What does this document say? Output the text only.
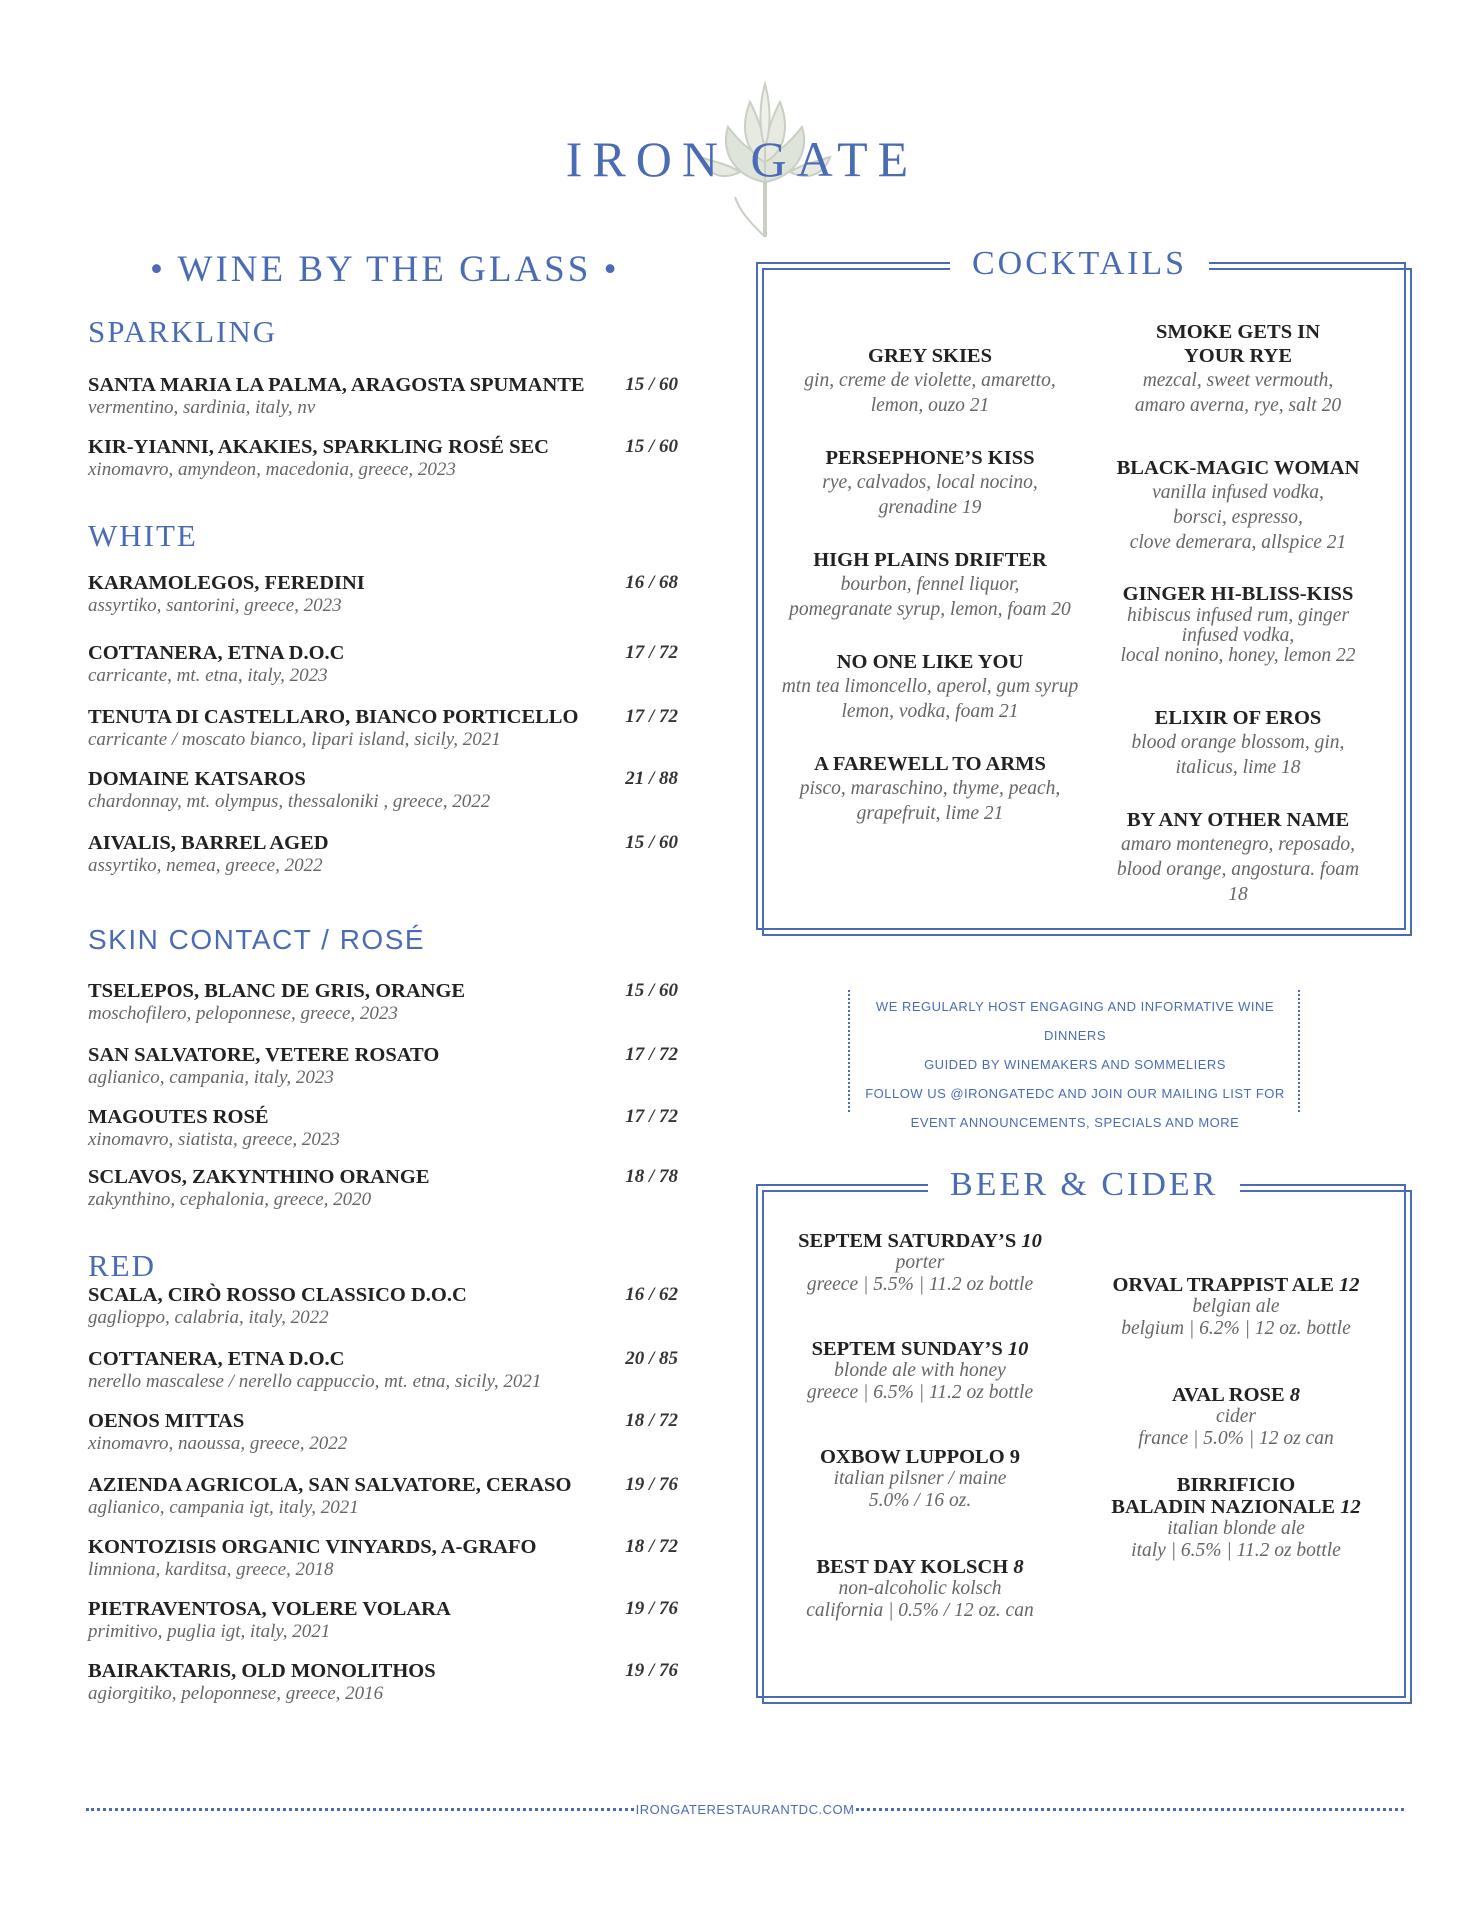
IRON GATE
• WINE BY THE GLASS •
SPARKLING
SANTA MARIA LA PALMA, ARAGOSTA SPUMANTE
vermentino, sardinia, italy, nv
15 / 60
KIR-YIANNI, AKAKIES, SPARKLING ROSÉ SEC
xinomavro, amyndeon, macedonia, greece, 2023
15 / 60
WHITE
KARAMOLEGOS, FEREDINI
assyrtiko, santorini, greece, 2023
16 / 68
COTTANERA, ETNA D.O.C
carricante, mt. etna, italy, 2023
17 / 72
TENUTA DI CASTELLARO, BIANCO PORTICELLO
carricante / moscato bianco, lipari island, sicily, 2021
17 / 72
DOMAINE KATSAROS
chardonnay, mt. olympus, thessaloniki , greece, 2022
21 / 88
AIVALIS, BARREL AGED
assyrtiko, nemea, greece, 2022
15 / 60
SKIN CONTACT / ROSÉ
TSELEPOS, BLANC DE GRIS, ORANGE
moschofilero, peloponnese, greece, 2023
15 / 60
SAN SALVATORE, VETERE ROSATO
aglianico, campania, italy, 2023
17 / 72
MAGOUTES ROSÉ
xinomavro, siatista, greece, 2023
17 / 72
SCLAVOS, ZAKYNTHINO ORANGE
zakynthino, cephalonia, greece, 2020
18 / 78
RED
SCALA, CIRÒ ROSSO CLASSICO D.O.C
gaglioppo, calabria, italy, 2022
16 / 62
COTTANERA, ETNA D.O.C
nerello mascalese / nerello cappuccio, mt. etna, sicily, 2021
20 / 85
OENOS MITTAS
xinomavro, naoussa, greece, 2022
18 / 72
AZIENDA AGRICOLA, SAN SALVATORE, CERASO
aglianico, campania igt, italy, 2021
19 / 76
KONTOZISIS ORGANIC VINYARDS, A-GRAFO
limniona, karditsa, greece, 2018
18 / 72
PIETRAVENTOSA, VOLERE VOLARA
primitivo, puglia igt, italy, 2021
19 / 76
BAIRAKTARIS, OLD MONOLITHOS
agiorgitiko, peloponnese, greece, 2016
19 / 76
COCKTAILS
GREY SKIES
gin, creme de violette, amaretto,
lemon, ouzo 21
PERSEPHONE’S KISS
rye, calvados, local nocino,
grenadine 19
HIGH PLAINS DRIFTER
bourbon, fennel liquor,
pomegranate syrup, lemon, foam 20
NO ONE LIKE YOU
mtn tea limoncello, aperol, gum syrup
lemon, vodka, foam 21
A FAREWELL TO ARMS
pisco, maraschino, thyme, peach,
grapefruit, lime 21
SMOKE GETS IN
YOUR RYE
mezcal, sweet vermouth,
amaro averna, rye, salt 20
BLACK-MAGIC WOMAN
vanilla infused vodka,
borsci, espresso,
clove demerara, allspice 21
GINGER HI-BLISS-KISS
hibiscus infused rum, ginger
infused vodka,
local nonino, honey, lemon 22
ELIXIR OF EROS
blood orange blossom, gin,
italicus, lime 18
BY ANY OTHER NAME
amaro montenegro, reposado,
blood orange, angostura. foam
18
WE REGULARLY HOST ENGAGING AND INFORMATIVE WINE DINNERS
GUIDED BY WINEMAKERS AND SOMMELIERS
FOLLOW US @IRONGATEDC AND JOIN OUR MAILING LIST FOR
EVENT ANNOUNCEMENTS, SPECIALS AND MORE
BEER & CIDER
SEPTEM SATURDAY’S 10
porter
greece | 5.5% | 11.2 oz bottle
SEPTEM SUNDAY’S 10
blonde ale with honey
greece | 6.5% | 11.2 oz bottle
OXBOW LUPPOLO 9
italian pilsner / maine
5.0% / 16 oz.
BEST DAY KOLSCH 8
non-alcoholic kolsch
california | 0.5% / 12 oz. can
ORVAL TRAPPIST ALE 12
belgian ale
belgium | 6.2% | 12 oz. bottle
AVAL ROSE 8
cider
france | 5.0% | 12 oz can
BIRRIFICIO
BALADIN NAZIONALE 12
italian blonde ale
italy | 6.5% | 11.2 oz bottle
IRONGATERESTAURANTDC.COM
